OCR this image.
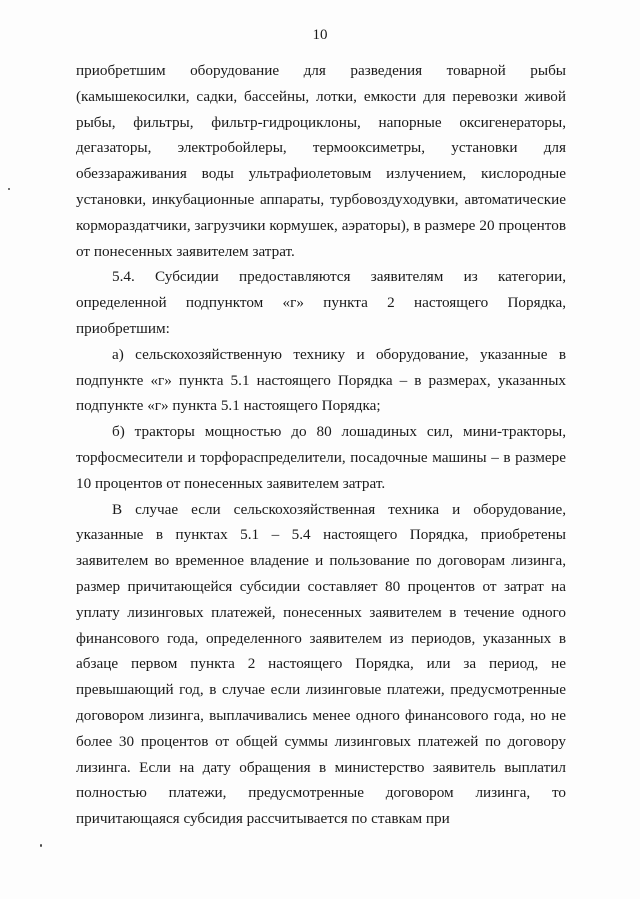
10

приобретшим оборудование для разведения товарной рыбы (камышекосилки, садки, бассейны, лотки, емкости для перевозки живой рыбы, фильтры, фильтр-гидроциклоны, напорные оксигенераторы, дегазаторы, электробойлеры, термооксиметры, установки для обеззараживания воды ультрафиолетовым излучением, кислородные установки, инкубационные аппараты, турбовоздуходувки, автоматические кормораздатчики, загрузчики кормушек, аэраторы), в размере 20 процентов от понесенных заявителем затрат.

5.4. Субсидии предоставляются заявителям из категории, определенной подпунктом «г» пункта 2 настоящего Порядка, приобретшим:

а) сельскохозяйственную технику и оборудование, указанные в подпункте «г» пункта 5.1 настоящего Порядка – в размерах, указанных подпункте «г» пункта 5.1 настоящего Порядка;

б) тракторы мощностью до 80 лошадиных сил, мини-тракторы, торфосмесители и торфораспределители, посадочные машины – в размере 10 процентов от понесенных заявителем затрат.

В случае если сельскохозяйственная техника и оборудование, указанные в пунктах 5.1 – 5.4 настоящего Порядка, приобретены заявителем во временное владение и пользование по договорам лизинга, размер причитающейся субсидии составляет 80 процентов от затрат на уплату лизинговых платежей, понесенных заявителем в течение одного финансового года, определенного заявителем из периодов, указанных в абзаце первом пункта 2 настоящего Порядка, или за период, не превышающий год, в случае если лизинговые платежи, предусмотренные договором лизинга, выплачивались менее одного финансового года, но не более 30 процентов от общей суммы лизинговых платежей по договору лизинга. Если на дату обращения в министерство заявитель выплатил полностью платежи, предусмотренные договором лизинга, то причитающаяся субсидия рассчитывается по ставкам при
